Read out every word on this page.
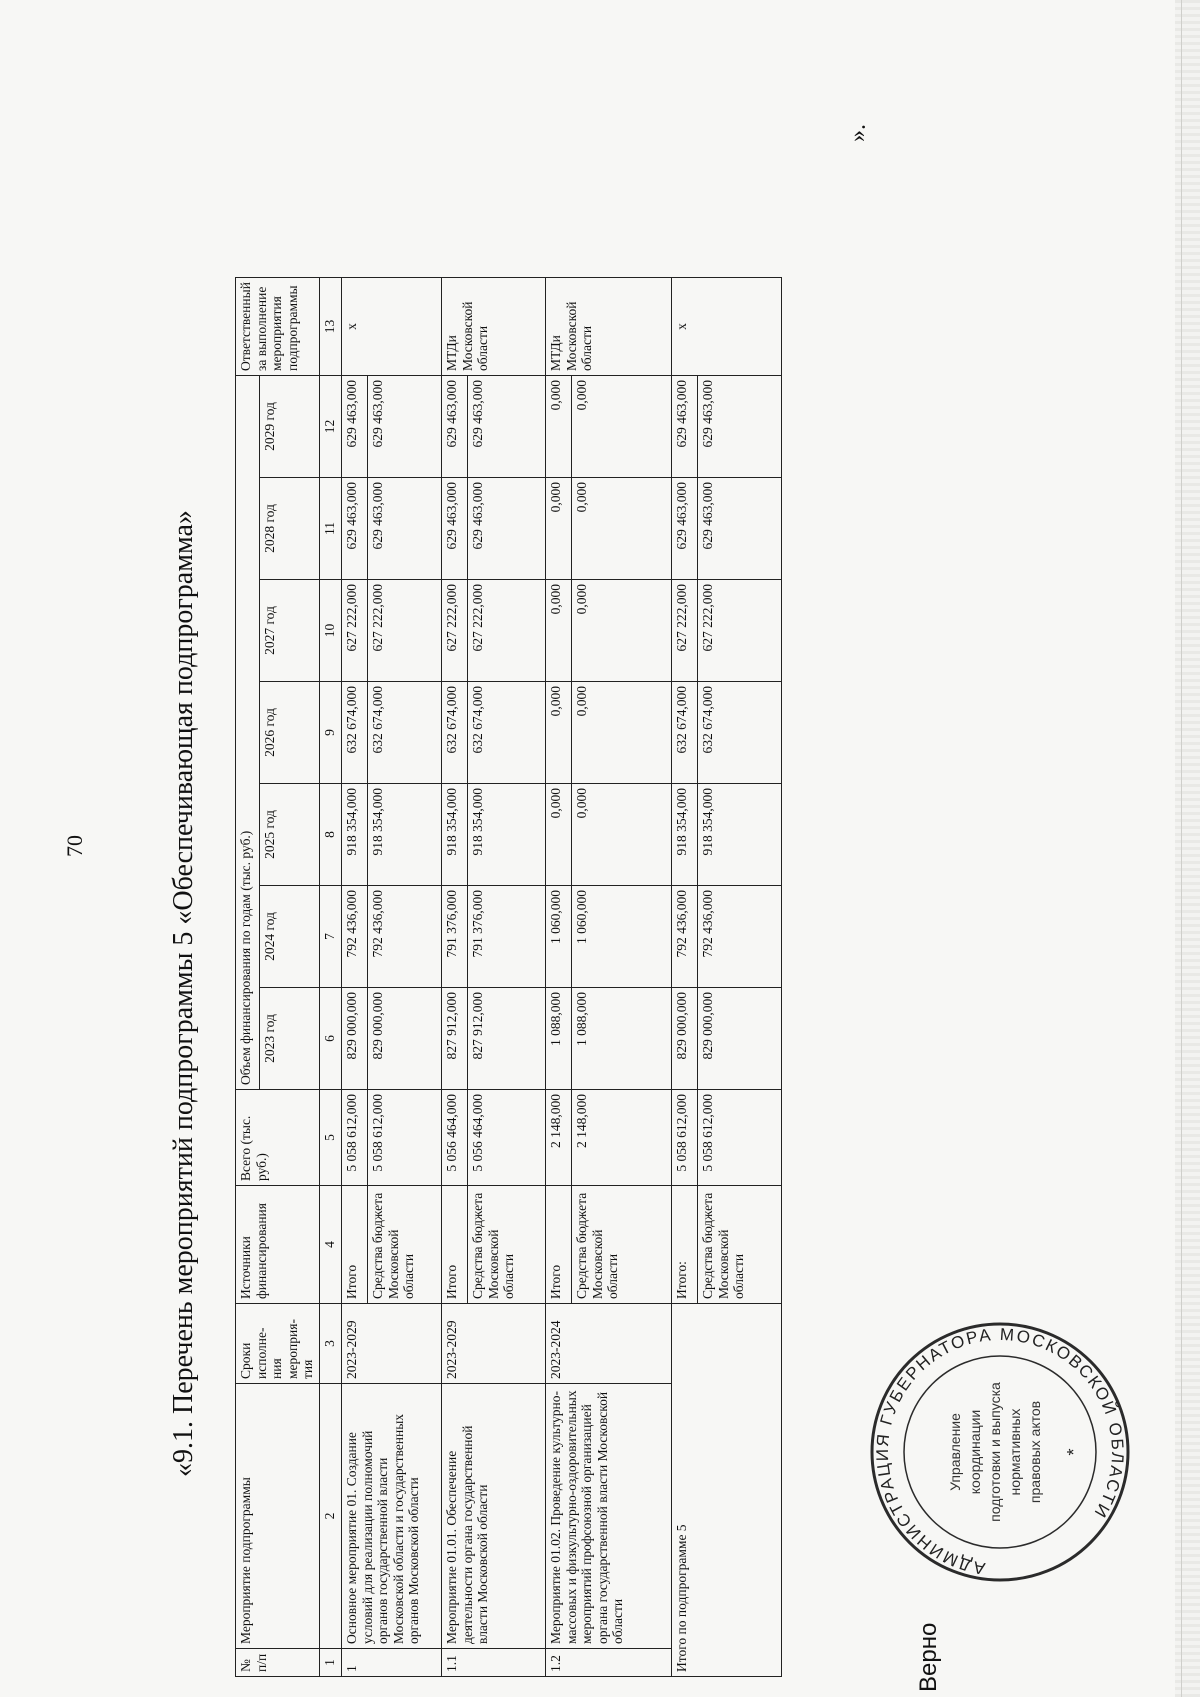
70	«9.1. Перечень мероприятий подпрограммы 5 «Обеспечивающая подпрограмма»
№ п/п	Мероприятие подпрограммы	Сроки исполне-ния мероприя-тия	Источники финансирования	Всего (тыс. руб.)	Объем финансирования по годам (тыс. руб.)							Ответственный за выполнение мероприятия подпрограммы
					2023 год	2024 год	2025 год	2026 год	2027 год	2028 год	2029 год	
1	2	3	4	5	6	7	8	9	10	11	12	13
1	Основное мероприятие 01. Создание условий для реализации полномочий органов государственной власти Московской области и государственных органов Московской области	2023-2029	Итого	5 058 612,000	829 000,000	792 436,000	918 354,000	632 674,000	627 222,000	629 463,000	629 463,000	х
			Средства бюджета Московской области	5 058 612,000	829 000,000	792 436,000	918 354,000	632 674,000	627 222,000	629 463,000	629 463,000	
1.1	Мероприятие 01.01. Обеспечение деятельности органа государственной власти Московской области	2023-2029	Итого	5 056 464,000	827 912,000	791 376,000	918 354,000	632 674,000	627 222,000	629 463,000	629 463,000	МТДи Московской области
			Средства бюджета Московской области	5 056 464,000	827 912,000	791 376,000	918 354,000	632 674,000	627 222,000	629 463,000	629 463,000	
1.2	Мероприятие 01.02. Проведение культурно-массовых и физкультурно-оздоровительных мероприятий профсоюзной организацией органа государственной власти Московской области	2023-2024	Итого	2 148,000	1 088,000	1 060,000	0,000	0,000	0,000	0,000	0,000	МТДи Московской области
			Средства бюджета Московской области	2 148,000	1 088,000	1 060,000	0,000	0,000	0,000	0,000	0,000	
Итого по подпрограмме 5			Итого:	5 058 612,000	829 000,000	792 436,000	918 354,000	632 674,000	627 222,000	629 463,000	629 463,000	х
			Средства бюджета Московской области	5 058 612,000	829 000,000	792 436,000	918 354,000	632 674,000	627 222,000	629 463,000	629 463,000	
АДМИНИСТРАЦИЯ ГУБЕРНАТОРА МОСКОВСКОЙ ОБЛАСТИ
Управление координации подготовки и выпуска нормативных правовых актов *
Верно
».
